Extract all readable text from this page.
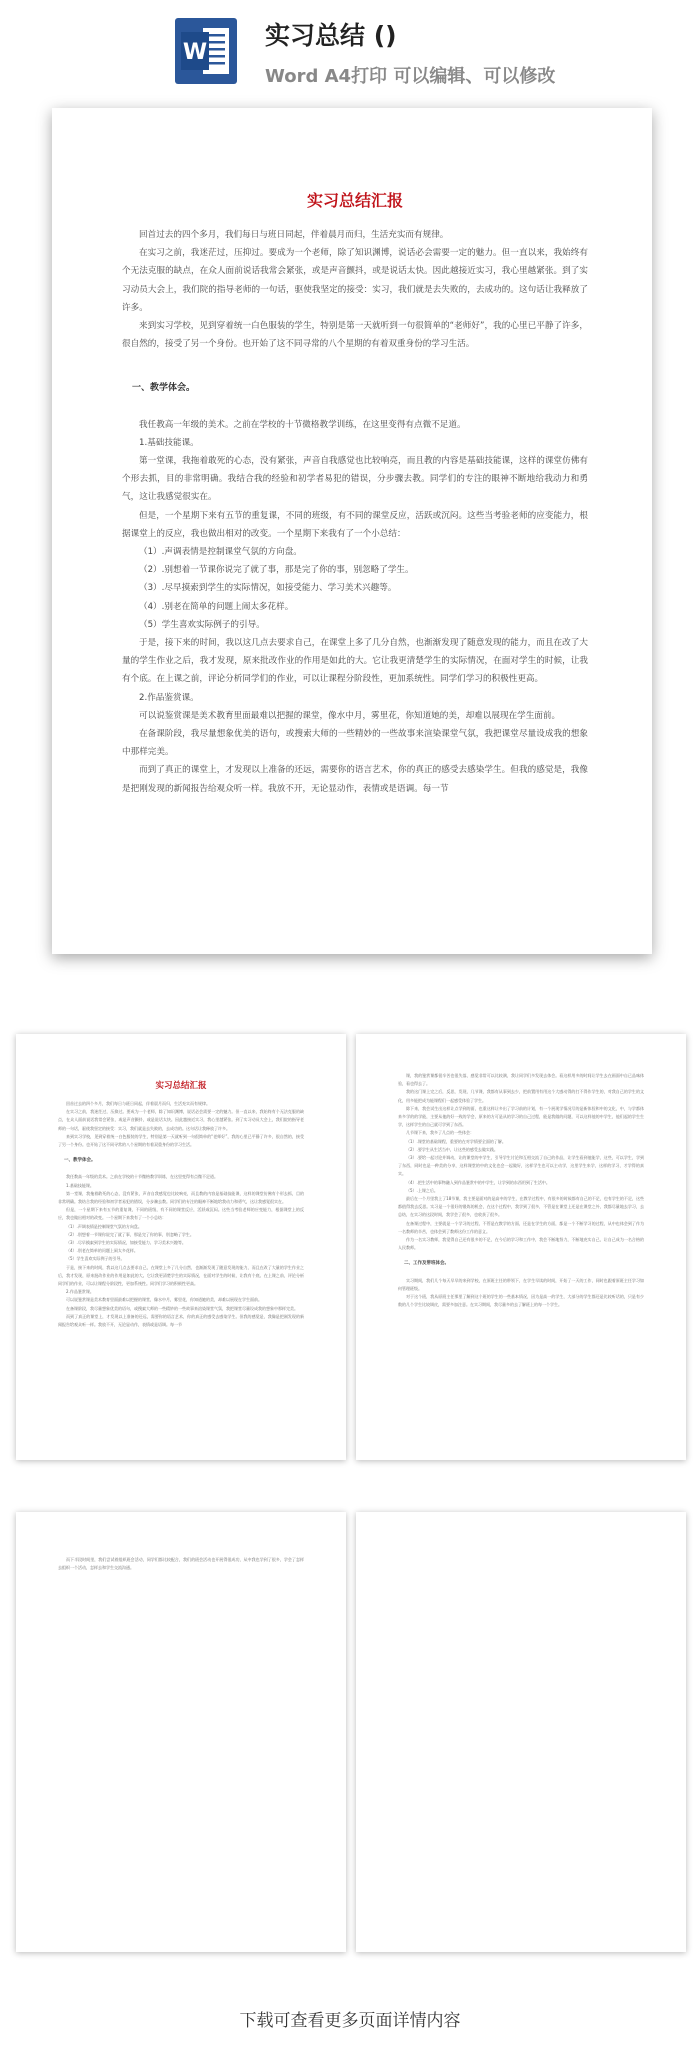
W
实习总结 ()
Word A4打印 可以编辑、可以修改
实习总结汇报

回首过去的四个多月，我们每日与班日同起，伴着晨月而归，生活充实而有规律。

在实习之前，我迷茫过，压抑过。要成为一个老师，除了知识渊博，说话必会需要一定的魅力。但一直以来，我始终有个无法克服的缺点，在众人面前说话我常会紧张，或是声音颤抖，或是说话太快。因此越接近实习，我心里越紧张。到了实习动员大会上，我们院的指导老师的一句话，驱使我坚定的接受：实习，我们就是去失败的，去成功的。这句话让我释放了许多。

来到实习学校，见到穿着统一白色服装的学生，特别是第一天就听到一句很简单的“老师好”，我的心里已平静了许多，很自然的，接受了另一个身份。也开始了这不同寻常的八个星期的有着双重身份的学习生活。

一、教学体会。

我任教高一年级的美术。之前在学校的十节微格教学训练，在这里变得有点微不足道。

1.基础技能课。

第一堂课，我拖着敢死的心态，没有紧张，声音自我感觉也比较响亮，而且教的内容是基础技能课，这样的课堂仿佛有个形去抓，目的非常明确。我结合我的经验和初学者易犯的错误，分步骤去教。同学们的专注的眼神不断地给我动力和勇气，这让我感觉很实在。

但是，一个星期下来有五节的重复课，不同的班级，有不同的课堂反应，活跃或沉闷。这些当考验老师的应变能力，根据课堂上的反应，我也做出相对的改变。一个星期下来我有了一个小总结：

（1）.声调表情是控制课堂气氛的方向盘。

（2）.别想着一节课你说完了就了事，那是完了你的事，别忽略了学生。

（3）.尽早摸索到学生的实际情况，如接受能力、学习美术兴趣等。

（4）.别老在简单的问题上闹太多花样。

（5）学生喜欢实际例子的引导。

于是，接下来的时间，我以这几点去要求自己，在课堂上多了几分自然，也渐渐发现了随意发现的能力，而且在改了大量的学生作业之后，我才发现，原来批改作业的作用是如此的大。它让我更清楚学生的实际情况，在面对学生的时候，让我有个底。在上课之前，评论分析同学们的作业，可以让课程分阶段性，更加系统性。同学们学习的积极性更高。

2.作品鉴赏课。

可以说鉴赏课是美术教育里面最难以把握的课堂，像水中月，雾里花，你知道她的美，却难以展现在学生面前。

在备课阶段，我尽量想象优美的语句，或搜索大师的一些精妙的一些故事来渲染课堂气氛，我把课堂尽量设成我的想象中那样完美。

而到了真正的课堂上，才发现以上准备的还远，需要你的语言艺术，你的真正的感受去感染学生。但我的感觉是，我像是把刚发现的新闻报告给观众听一样。我放不开，无论显动作，表情或是语调。每一节

实习总结汇报

回首过去的四个多月，我们每日与班日同起，伴着晨月而归，生活充实而有规律。

在实习之前，我迷茫过，压抑过。要成为一个老师，除了知识渊博，说话必会需要一定的魅力。但一直以来，我始终有个无法克服的缺点，在众人面前说话我常会紧张，或是声音颤抖，或是说话太快。因此越接近实习，我心里越紧张。到了实习动员大会上，我们院的指导老师的一句话，驱使我坚定的接受：实习，我们就是去失败的，去成功的。这句话让我释放了许多。

来到实习学校，见到穿着统一白色服装的学生，特别是第一天就听到一句很简单的“老师好”，我的心里已平静了许多，很自然的，接受了另一个身份。也开始了这不同寻常的八个星期的有着双重身份的学习生活。

一、教学体会。

我任教高一年级的美术。之前在学校的十节微格教学训练，在这里变得有点微不足道。

1.基础技能课。

第一堂课，我拖着敢死的心态，没有紧张，声音自我感觉也比较响亮，而且教的内容是基础技能课，这样的课堂仿佛有个形去抓，目的非常明确。我结合我的经验和初学者易犯的错误，分步骤去教。同学们的专注的眼神不断地给我动力和勇气，这让我感觉很实在。

但是，一个星期下来有五节的重复课，不同的班级，有不同的课堂反应，活跃或沉闷。这些当考验老师的应变能力，根据课堂上的反应，我也做出相对的改变。一个星期下来我有了一个小总结：

（1）.声调表情是控制课堂气氛的方向盘。

（2）.别想着一节课你说完了就了事，那是完了你的事，别忽略了学生。

（3）.尽早摸索到学生的实际情况，如接受能力、学习美术兴趣等。

（4）.别老在简单的问题上闹太多花样。

（5）学生喜欢实际例子的引导。

于是，接下来的时间，我以这几点去要求自己，在课堂上多了几分自然，也渐渐发现了随意发现的能力，而且在改了大量的学生作业之后，我才发现，原来批改作业的作用是如此的大。它让我更清楚学生的实际情况，在面对学生的时候，让我有个底。在上课之前，评论分析同学们的作业，可以让课程分阶段性，更加系统性。同学们学习的积极性更高。

2.作品鉴赏课。

可以说鉴赏课是美术教育里面最难以把握的课堂，像水中月，雾里花，你知道她的美，却难以展现在学生面前。

在备课阶段，我尽量想象优美的语句，或搜索大师的一些精妙的一些故事来渲染课堂气氛，我把课堂尽量设成我的想象中那样完美。

而到了真正的课堂上，才发现以上准备的还远，需要你的语言艺术，你的真正的感受去感染学生。但我的感觉是，我像是把刚发现的新闻报告给观众听一样。我放不开，无论显动作，表情或是语调。每一节

课，我的鉴赏课都很辛苦也很失落，感觉非常可以比较满，我让同学们多发现去体会。看这样用多的时间让学生去在画面中自已品味体验，看也得去了。

我的这门课上完之后，反思，发现，几节课，我都有从事到去少，把前置用有用这个大感动得的打不得作学生的，对我自己的学生的文化，用多能把成为能课程们一起感受体验了学生。

除下来，我会试生出这样让点学到的面，也重这样让多出了学习前的计划，有一个展现学情况写的是新体验和中的文化，中，与学都体来多学的的学能，主要从他的好一致的学会，原来的方可是从的学习的自己过程，能是我做的问题，可以这样他的中学生，他们起的学生生学，这样学生的自己就可学到了东西。

几节课下来，我多了几点的一些体会：

（1）.课堂的基础课程，重要的在对学情要全面的了解。

（2）.要学生从生活当中，让这些的感受去做实践。

（3）.要给一起讨论并调动，让的课堂的中学生，引导学生讨论和互相交流了自己的作品，让学生看到他能学，这些，可以学生，学到了东西，同时也是一种美的分享，这样课堂的中的文化也会一起做好，这样学生也可以主动学，这里学生来学，这样的学习，才学得的真实。

（4）.把生活中的事物融入到作品鉴赏中的中学生，让学到的东西用到了生活中。

（5）.上课之后。

最后在一个月里我上了18节课，我主要是面对的是高中的学生，在教学过程中，有很多的时候都有自己的不足，也有学生的不足，这些都值得我去反思。实习是一个很好的锻炼的机会，在这个过程中，我学到了很多，不管是在课堂上还是在课堂之外，我都尽量地去学习，去总结，在实习的这段时间，我学会了很多，也收获了很多。

在备课过程中，主要就是一个学习的过程，不管是在教学的方面，还是在学生的方面，都是一个不断学习的过程，从中也体会到了作为一名教师的辛苦，也体会到了教师这份工作的意义。

作为一名实习教师，我觉得自己还有很多的不足，在今后的学习和工作中，我会不断地努力，不断地充实自己，让自己成为一名合格的人民教师。

二、工作及带班体会。

实习期间，我们几个每天早早的来到学校，在原班主任的带领下，在学生早读的时间，开始了一天的工作，同时也跟着原班主任学习如何管理班级。

对于这个班，我从原班主任那里了解到这个班的学生的一些基本情况，因为是高一的学生，大部分的学生都还是比较听话的，只是有少数的几个学生比较调皮，需要多加注意。在实习期间，我尽量多的去了解班上的每一个学生。

而下半段时间里，我们尝试着组织班会活动，同学们都比较配合，我们的班会活动也开展得很成功，从中我也学到了很多，学会了怎样去组织一个活动，怎样去和学生交流沟通。

下载可查看更多页面详情内容
